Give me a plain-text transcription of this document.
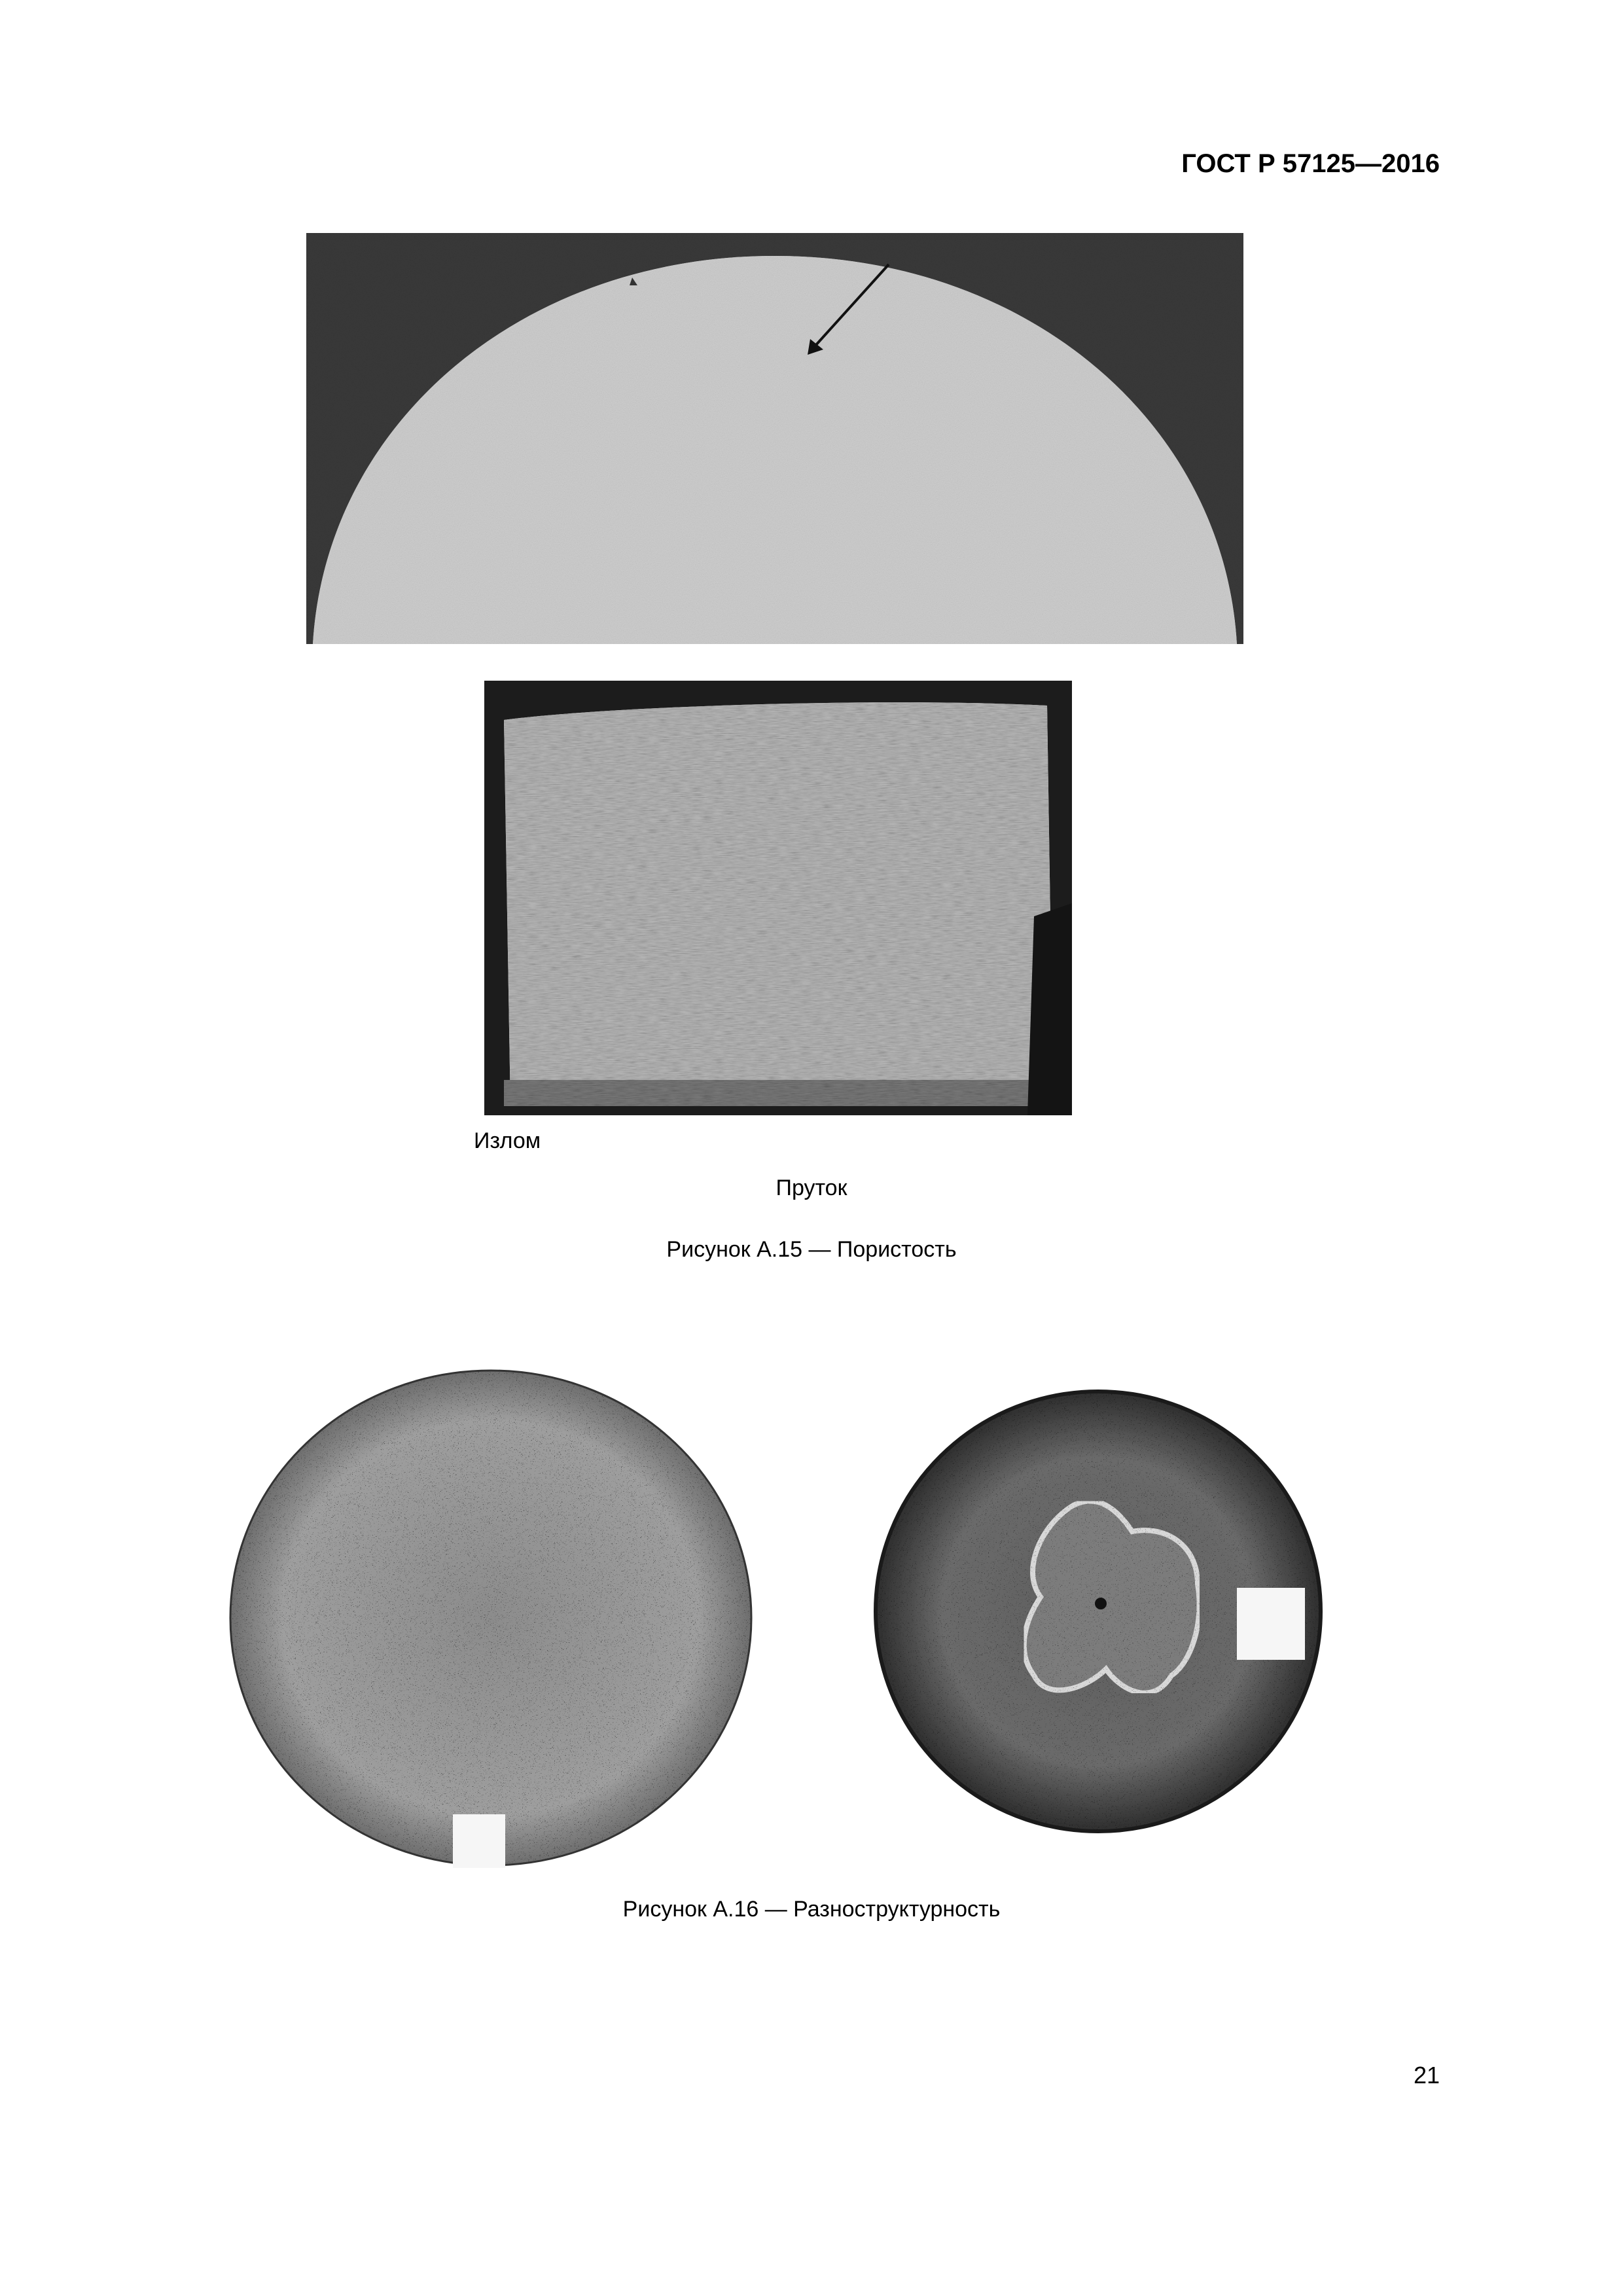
ГОСТ Р 57125—2016
Излом
Пруток
Рисунок А.15 — Пористость
Рисунок А.16 — Разноструктурность
21
